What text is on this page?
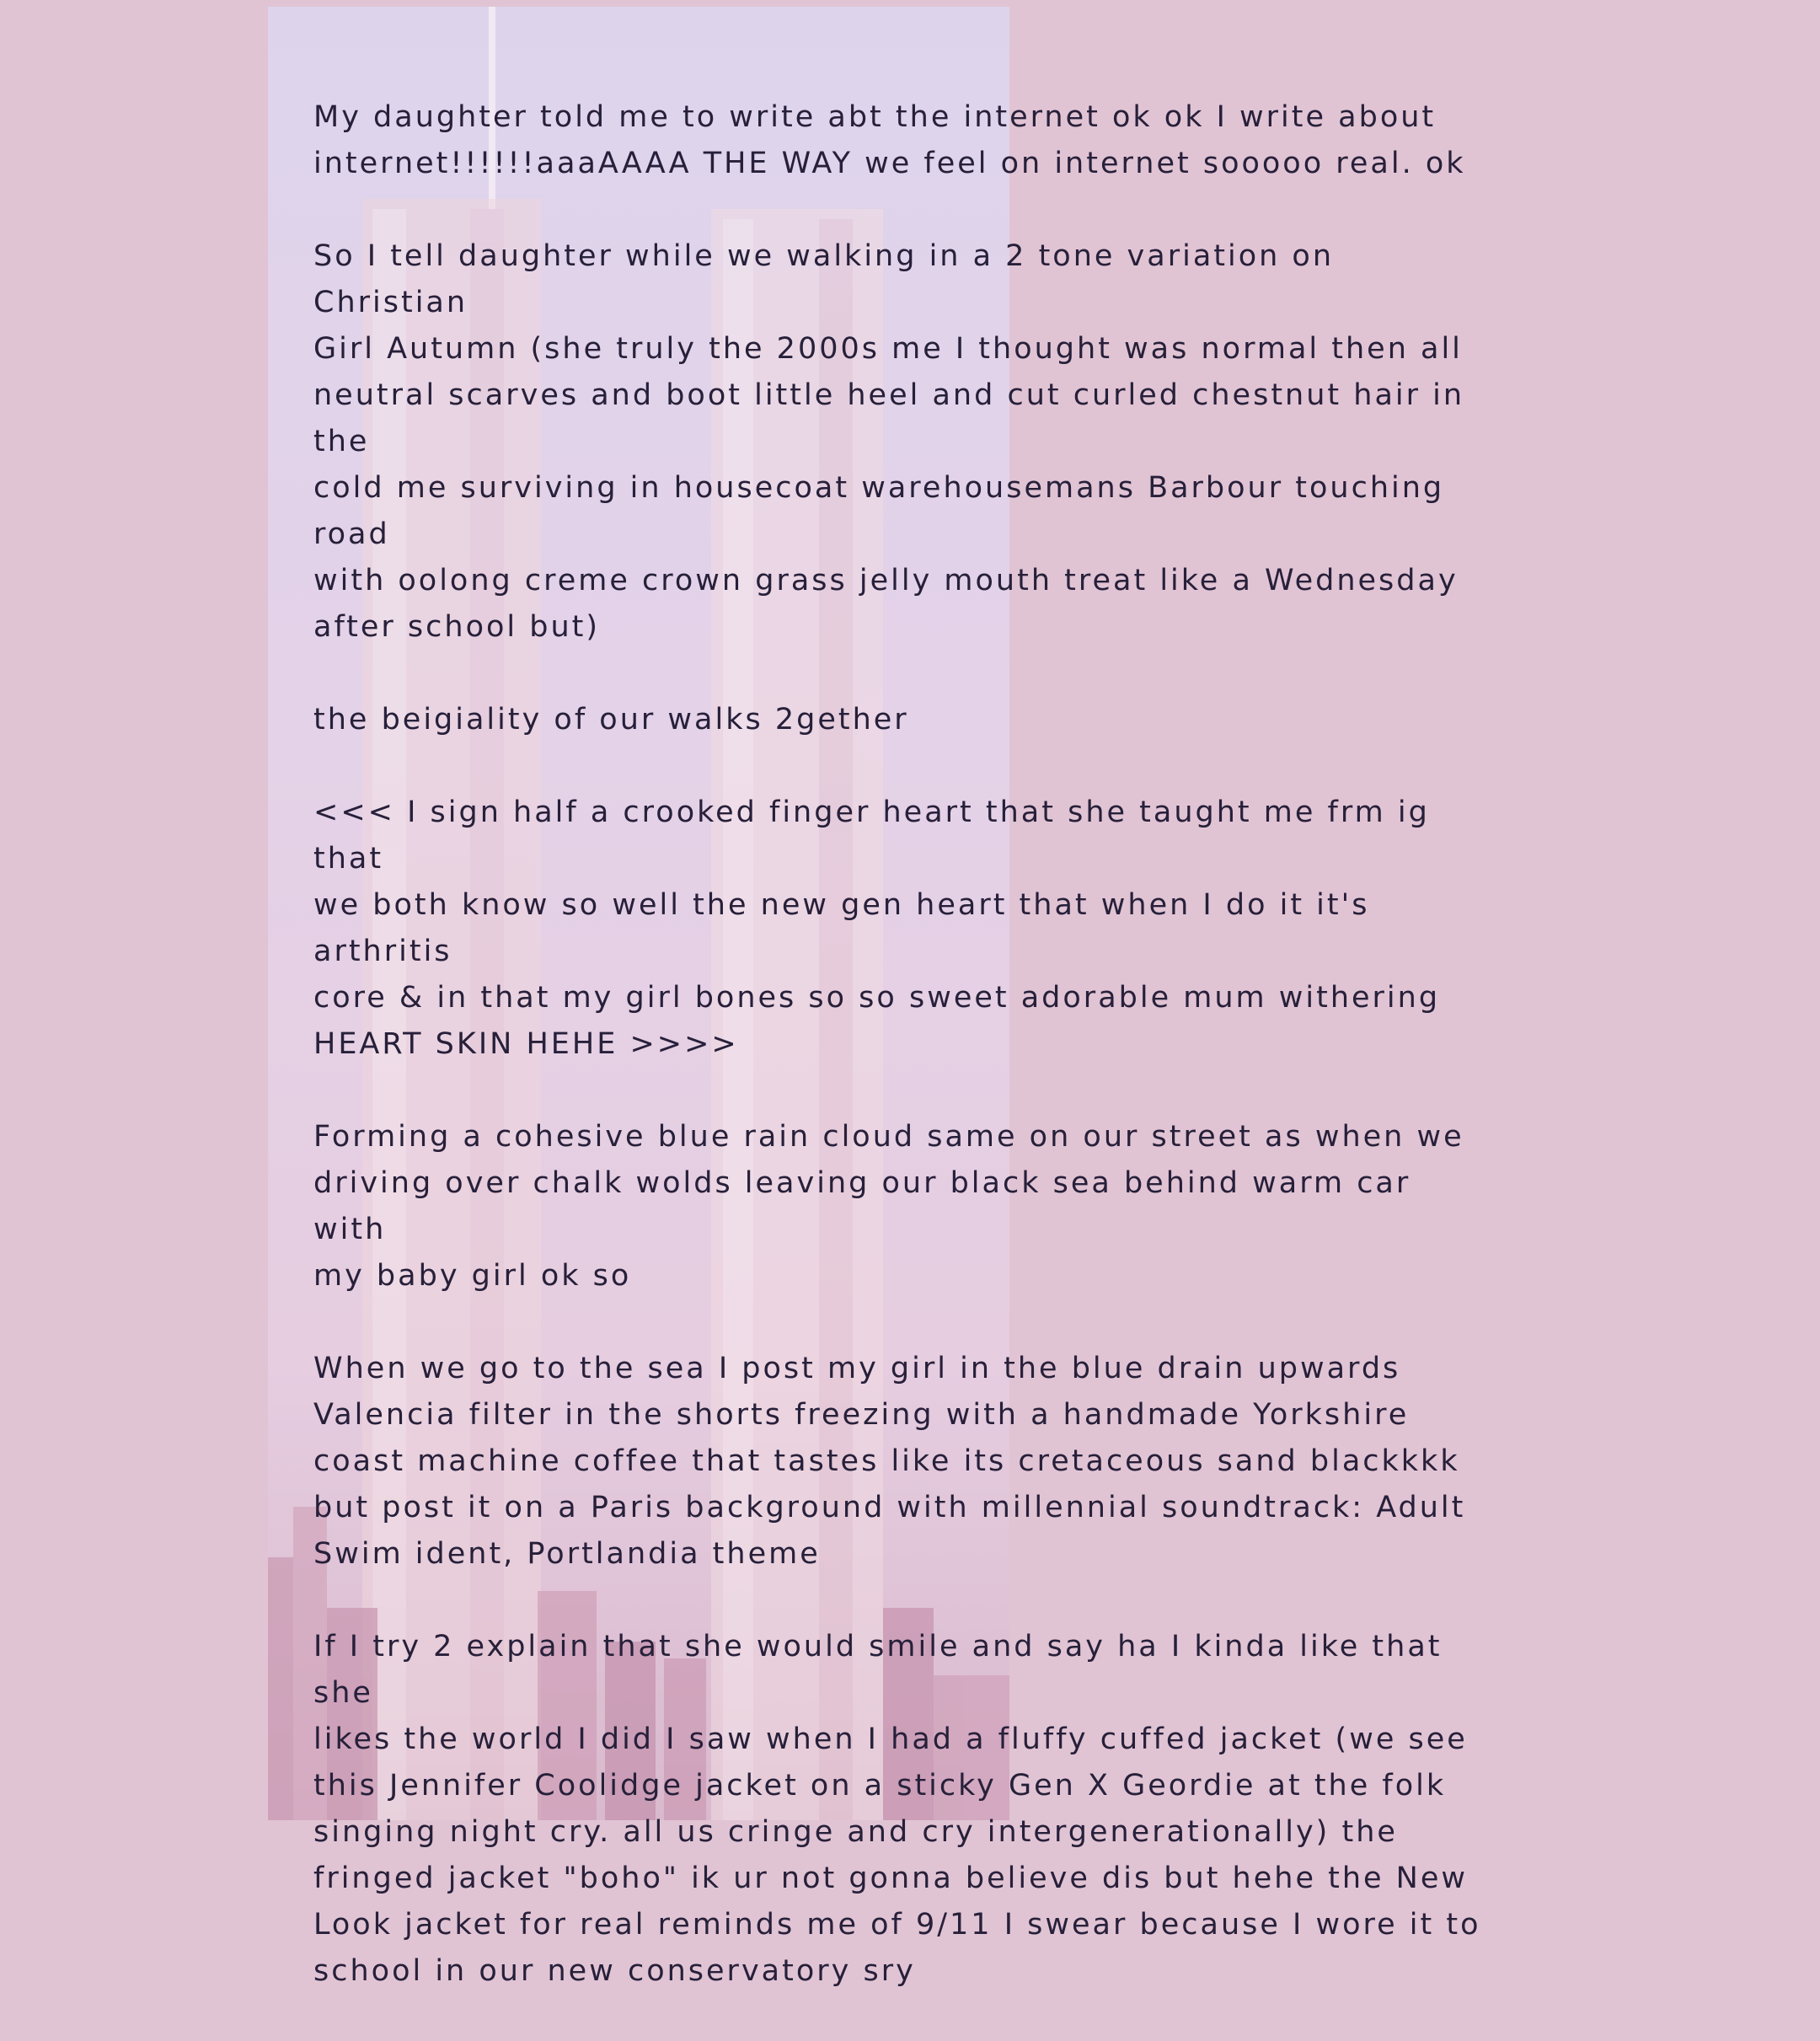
My daughter told me to write abt the internet ok ok I write about
internet!!!!!!aaaAAAA THE WAY we feel on internet sooooo real. ok

So I tell daughter while we walking in a 2 tone variation on Christian
Girl Autumn (she truly the 2000s me I thought was normal then all
neutral scarves and boot little heel and cut curled chestnut hair in the
cold me surviving in housecoat warehousemans Barbour touching road
with oolong creme crown grass jelly mouth treat like a Wednesday
after school but)

the beigiality of our walks 2gether

<<< I sign half a crooked finger heart that she taught me frm ig that
we both know so well the new gen heart that when I do it it's arthritis
core & in that my girl bones so so sweet adorable mum withering
HEART SKIN HEHE >>>>

Forming a cohesive blue rain cloud same on our street as when we
driving over chalk wolds leaving our black sea behind warm car with
my baby girl ok so

When we go to the sea I post my girl in the blue drain upwards
Valencia filter in the shorts freezing with a handmade Yorkshire
coast machine coffee that tastes like its cretaceous sand blackkkk
but post it on a Paris background with millennial soundtrack: Adult
Swim ident, Portlandia theme

If I try 2 explain that she would smile and say ha I kinda like that she
likes the world I did I saw when I had a fluffy cuffed jacket (we see
this Jennifer Coolidge jacket on a sticky Gen X Geordie at the folk
singing night cry. all us cringe and cry intergenerationally) the
fringed jacket "boho" ik ur not gonna believe dis but hehe the New
Look jacket for real reminds me of 9/11 I swear because I wore it to
school in our new conservatory sry
